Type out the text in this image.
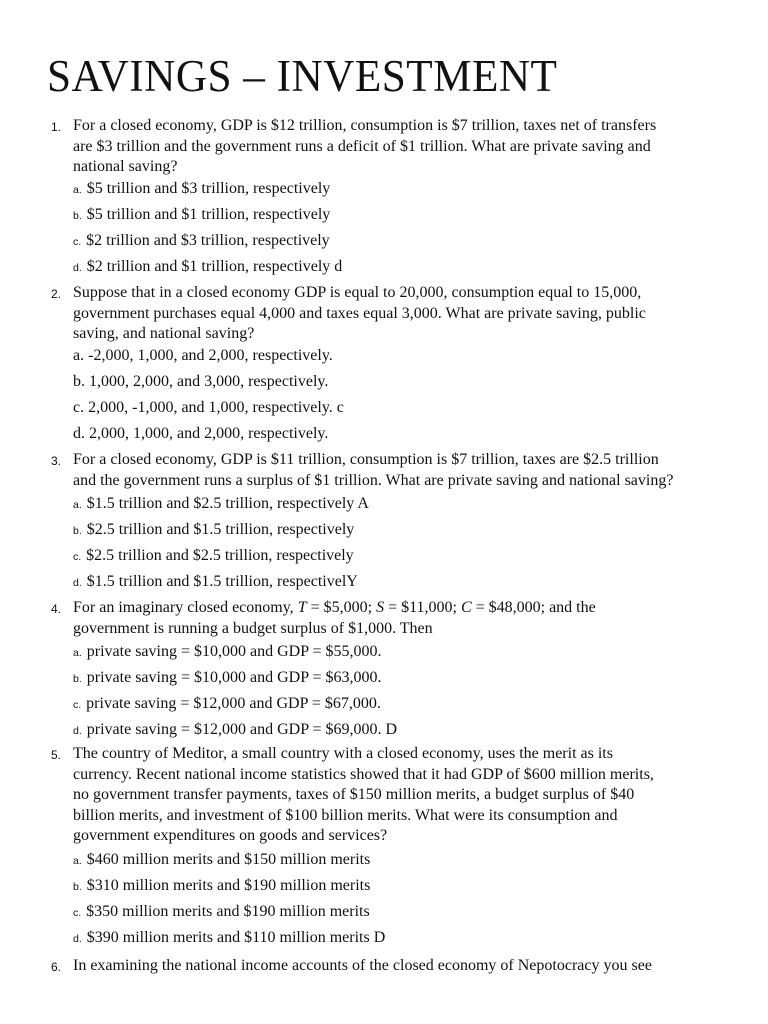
SAVINGS – INVESTMENT
1. For a closed economy, GDP is $12 trillion, consumption is $7 trillion, taxes net of transfers
are $3 trillion and the government runs a deficit of $1 trillion. What are private saving and
national saving?
a. $5 trillion and $3 trillion, respectively
b. $5 trillion and $1 trillion, respectively
c. $2 trillion and $3 trillion, respectively
d. $2 trillion and $1 trillion, respectively d
2. Suppose that in a closed economy GDP is equal to 20,000, consumption equal to 15,000,
government purchases equal 4,000 and taxes equal 3,000. What are private saving, public
saving, and national saving?
a. -2,000, 1,000, and 2,000, respectively.
b. 1,000, 2,000, and 3,000, respectively.
c. 2,000, -1,000, and 1,000, respectively. c
d. 2,000, 1,000, and 2,000, respectively.
3. For a closed economy, GDP is $11 trillion, consumption is $7 trillion, taxes are $2.5 trillion
and the government runs a surplus of $1 trillion. What are private saving and national saving?
a. $1.5 trillion and $2.5 trillion, respectively A
b. $2.5 trillion and $1.5 trillion, respectively
c. $2.5 trillion and $2.5 trillion, respectively
d. $1.5 trillion and $1.5 trillion, respectivelY
4. For an imaginary closed economy, T = $5,000; S = $11,000; C = $48,000; and the
government is running a budget surplus of $1,000. Then
a. private saving = $10,000 and GDP = $55,000.
b. private saving = $10,000 and GDP = $63,000.
c. private saving = $12,000 and GDP = $67,000.
d. private saving = $12,000 and GDP = $69,000. D
5. The country of Meditor, a small country with a closed economy, uses the merit as its
currency. Recent national income statistics showed that it had GDP of $600 million merits,
no government transfer payments, taxes of $150 million merits, a budget surplus of $40
billion merits, and investment of $100 billion merits. What were its consumption and
government expenditures on goods and services?
a. $460 million merits and $150 million merits
b. $310 million merits and $190 million merits
c. $350 million merits and $190 million merits
d. $390 million merits and $110 million merits D
6. In examining the national income accounts of the closed economy of Nepotocracy you see
